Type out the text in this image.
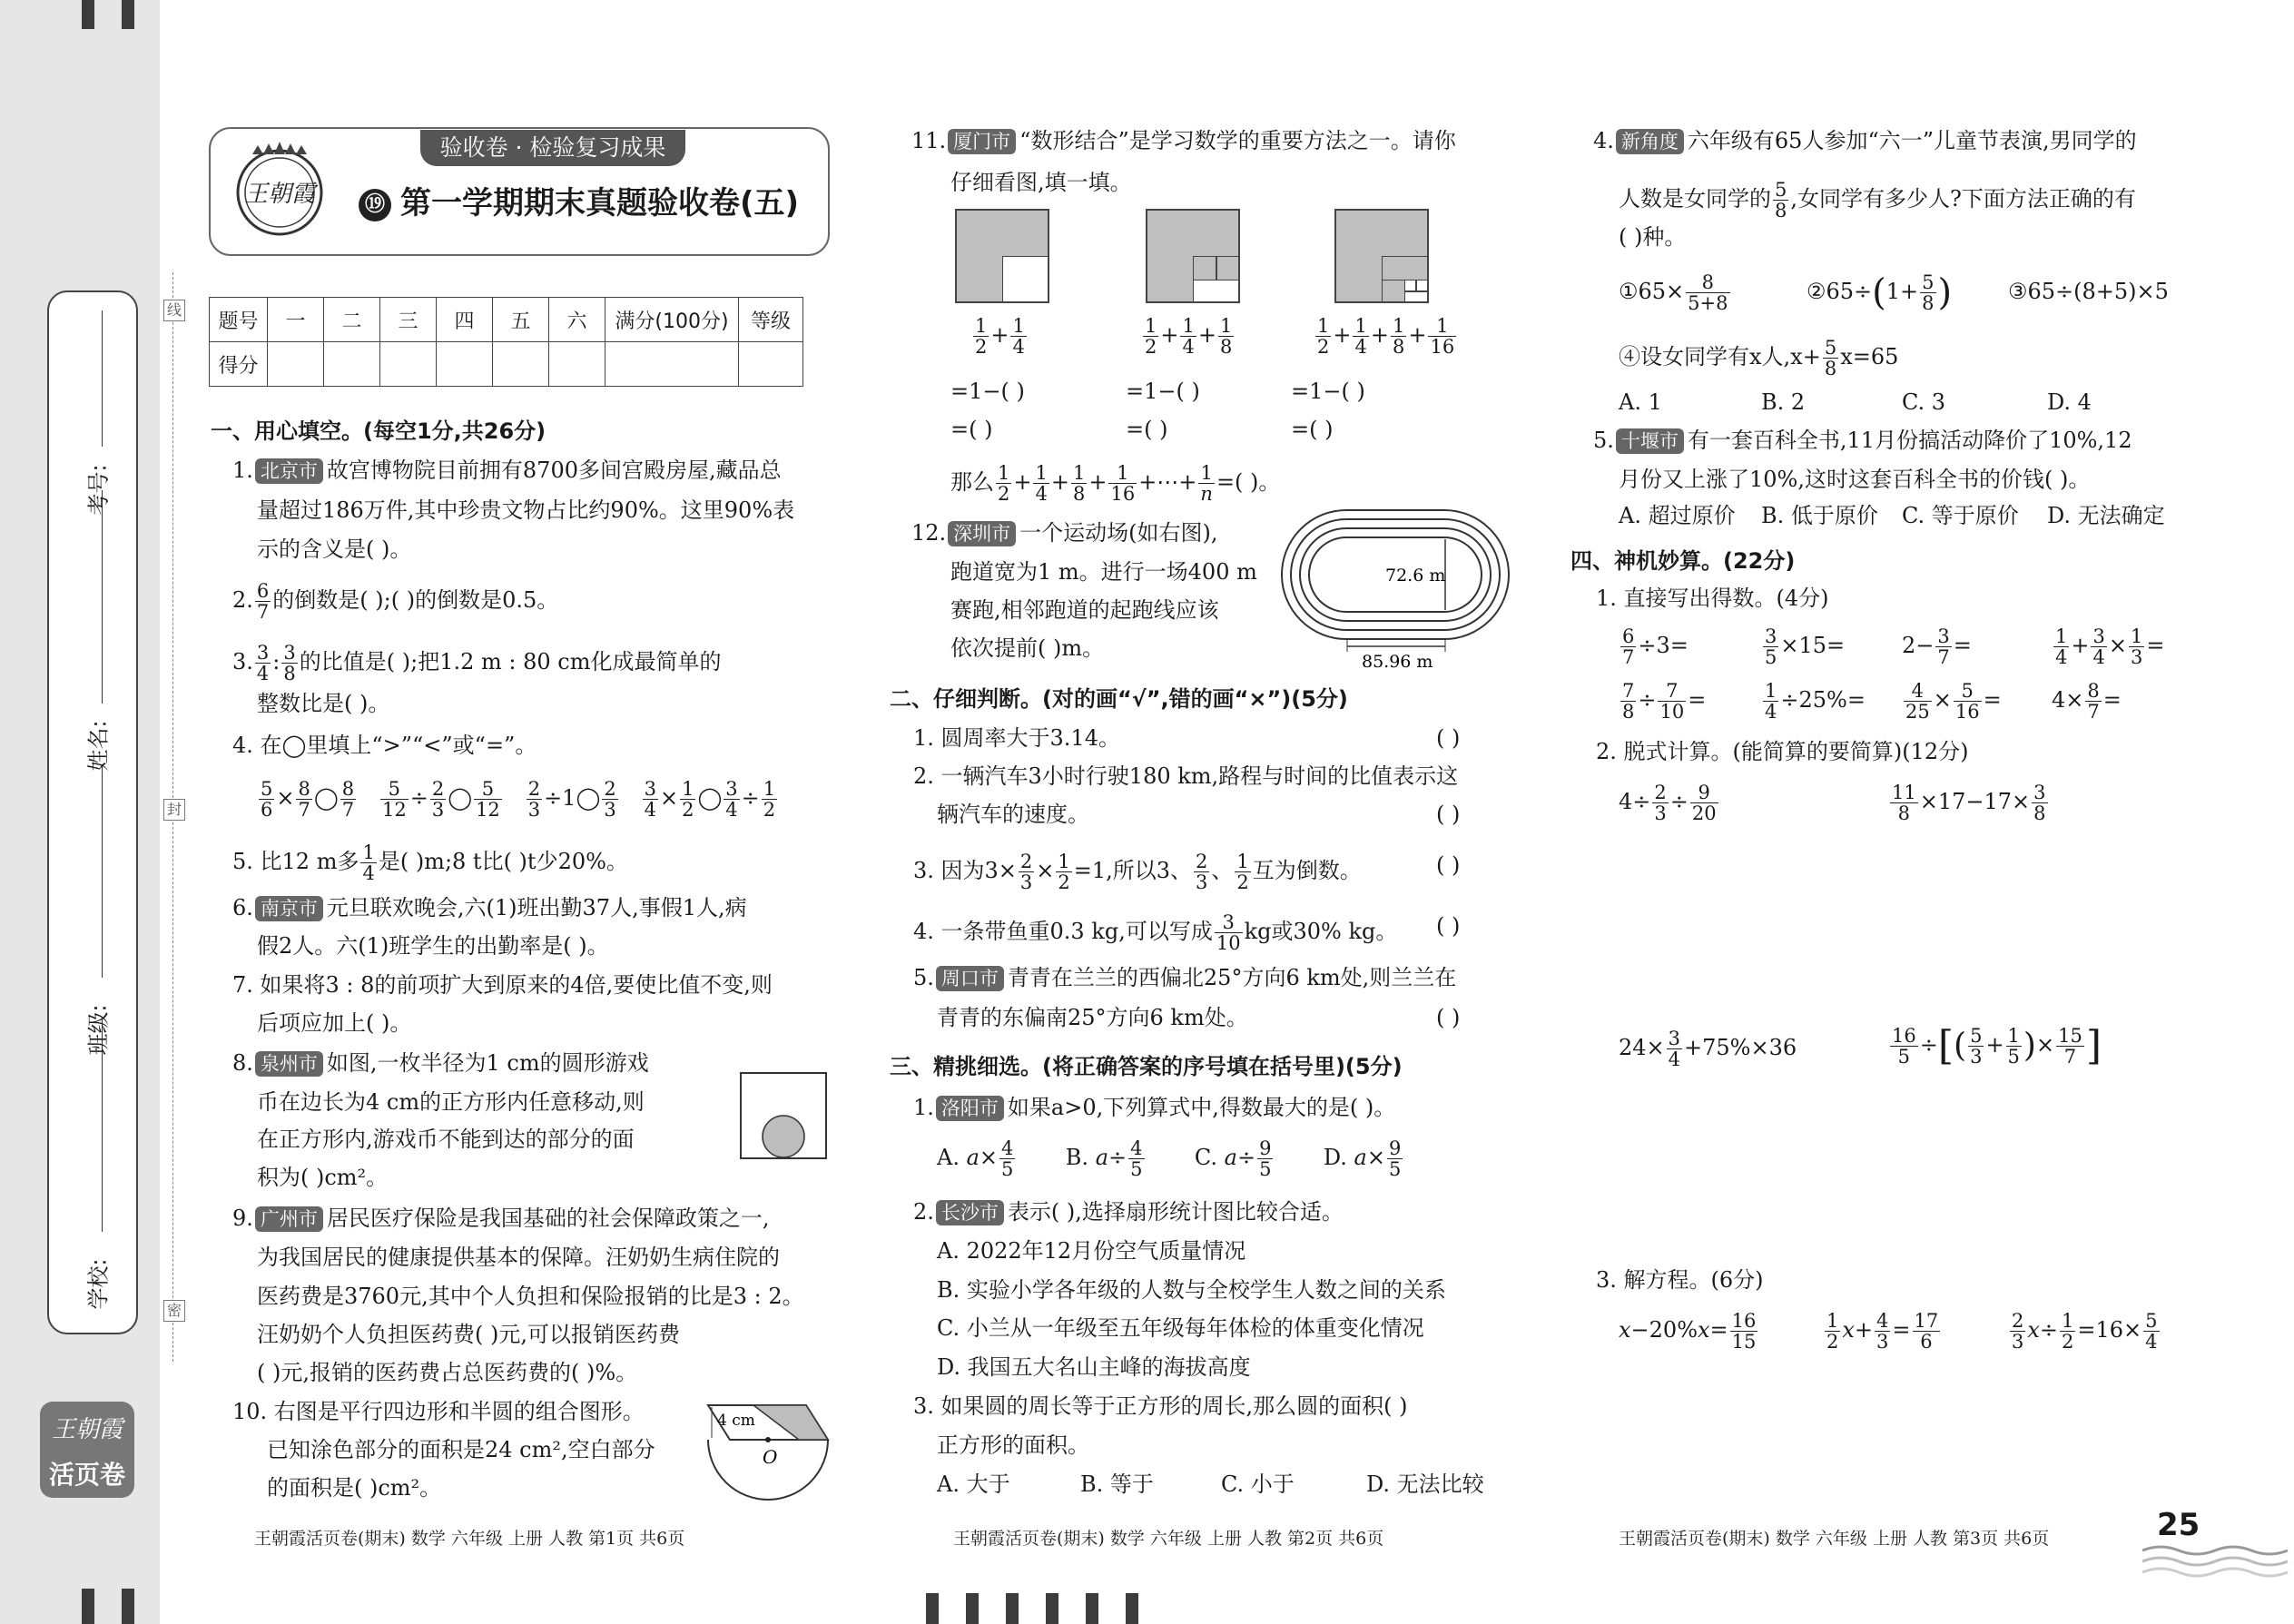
线
封
密
学校:
班级:
姓名:
考号:
王朝霞
活页卷
验收卷 · 检验复习成果
王朝霞	⑲ 第一学期期末真题验收卷(五)
题号	一	二	三	四	五	六	满分(100分)	等级
得分								
一、用心填空。(每空1分,共26分)
1. 北京市 故宫博物院目前拥有8700多间宫殿房屋,藏品总
量超过186万件,其中珍贵文物占比约90%。这里90%表
示的含义是( )。
2. $\frac{6}{7}$ 的倒数是( );( )的倒数是0.5。
3. $\frac{3}{4}$ : $\frac{3}{8}$ 的比值是( );把1.2 m : 80 cm化成最简单的
整数比是( )。
4. 在◯里填上“>”“<”或“=”。
$\frac{5}{6} \times \frac{8}{7}$ ◯ $\frac{8}{7}$
$\frac{5}{12} \div \frac{2}{3}$ ◯ $\frac{5}{12}$
$\frac{2}{3}$ ÷1◯ $\frac{2}{3}$
$\frac{3}{4} \times \frac{1}{2}$ ◯ $\frac{3}{4} \div \frac{1}{2}$
5. 比12 m多 $\frac{1}{4}$ 是( )m;8 t比( )t少20%。
6. 南京市 元旦联欢晚会,六(1)班出勤37人,事假1人,病
假2人。六(1)班学生的出勤率是( )。
7. 如果将3 : 8的前项扩大到原来的4倍,要使比值不变,则
后项应加上( )。
8. 泉州市 如图,一枚半径为1 cm的圆形游戏
币在边长为4 cm的正方形内任意移动,则
在正方形内,游戏币不能到达的部分的面
积为( )cm²。
9. 广州市 居民医疗保险是我国基础的社会保障政策之一,
为我国居民的健康提供基本的保障。汪奶奶生病住院的
医药费是3760元,其中个人负担和保险报销的比是3 : 2。
汪奶奶个人负担医药费( )元,可以报销医药费
( )元,报销的医药费占总医药费的( )%。
10. 右图是平行四边形和半圆的组合图形。
已知涂色部分的面积是24 cm²,空白部分
的面积是( )cm²。
4 cm
O
王朝霞活页卷(期末) 数学 六年级 上册 人教 第1页 共6页
11. 厦门市 “数形结合”是学习数学的重要方法之一。请你
仔细看图,填一填。
$\frac{1}{2} + \frac{1}{4}$	$\frac{1}{2} + \frac{1}{4} + \frac{1}{8}$	$\frac{1}{2} + \frac{1}{4} + \frac{1}{8} + \frac{1}{16}$
=1−( )	=1−( )	=1−( )
=( )	=( )	=( )
那么 $\frac{1}{2} + \frac{1}{4} + \frac{1}{8} + \frac{1}{16}$ +⋯+ $\frac{1}{n}$ =( )。
12. 深圳市 一个运动场(如右图),
跑道宽为1 m。进行一场400 m
赛跑,相邻跑道的起跑线应该
依次提前( )m。
72.6 m
85.96 m
二、仔细判断。(对的画“√”,错的画“×”)(5分)
1. 圆周率大于3.14。	( )
2. 一辆汽车3小时行驶180 km,路程与时间的比值表示这
辆汽车的速度。	( )
3. 因为$3\times \frac{2}{3} \times \frac{1}{2} =1$,所以3、 $\frac{2}{3}$ 、 $\frac{1}{2}$ 互为倒数。	( )
4. 一条带鱼重0.3 kg,可以写成 $\frac{3}{10}$ kg或30% kg。 ( )
5. 周口市 青青在兰兰的西偏北25°方向6 km处,则兰兰在
青青的东偏南25°方向6 km处。	( )
三、精挑细选。(将正确答案的序号填在括号里)(5分)
1. 洛阳市 如果a>0,下列算式中,得数最大的是( )。
A. $a\times \frac{4}{5} B$. $a\div \frac{4}{5} C$. $a\div \frac{9}{5} D$. $a\times \frac{9}{5}$
2. 长沙市 表示( ),选择扇形统计图比较合适。
A. 2022年12月份空气质量情况
B. 实验小学各年级的人数与全校学生人数之间的关系
C. 小兰从一年级至五年级每年体检的体重变化情况
D. 我国五大名山主峰的海拔高度
3. 如果圆的周长等于正方形的周长,那么圆的面积( )
正方形的面积。
A. 大于	B. 等于	C. 小于	D. 无法比较
王朝霞活页卷(期末) 数学 六年级 上册 人教 第2页 共6页
4. 新角度 六年级有65人参加“六一”儿童节表演,男同学的
人数是女同学的 $\frac{5}{8}$ ,女同学有多少人?下面方法正确的有
( )种。
①65× $\frac{8}{5+8}$	②65÷(1+ $\frac{5}{8}$ )	③65÷(8+5)×5
④设女同学有x人$,x+ \frac{5}{8} x=65$
A. 1	B. 2	C. 3	D. 4
5. 十堰市 有一套百科全书,11月份搞活动降价了10%,12
月份又上涨了10%,这时这套百科全书的价钱( )。
A. 超过原价 B. 低于原价 C. 等于原价 D. 无法确定
四、神机妙算。(22分)
1. 直接写出得数。(4分)
$\frac{6}{7} \div 3=$	$\frac{3}{5} \times 15=$	$2- \frac{3}{7}$ =	$\frac{1}{4} + \frac{3}{4} \times \frac{1}{3}$ =
$\frac{7}{8} \div \frac{7}{10}$ =	$\frac{1}{4} \div 25\%= \frac{4}{25} \times \frac{5}{16} = 4\times \frac{8}{7}$ =
2. 脱式计算。(能简算的要简算)(12分)
$4\div \frac{2}{3} \div \frac{9}{20}$	$\frac{11}{8} \times 17-17\times \frac{3}{8}$
$24\times \frac{3}{4} +75\%\times 36$	$\frac{16}{5}$ ÷[( $\frac{5}{3} + \frac{1}{5}$ )× $\frac{15}{7}$ ]
3. 解方程。(6分)
$x-20\%x= \frac{16}{15}$	$\frac{1}{2} x+ \frac{4}{3} = \frac{17}{6}$	$\frac{2}{3} x\div \frac{1}{2} =16\times \frac{5}{4}$
王朝霞活页卷(期末) 数学 六年级 上册 人教 第3页 共6页	25
